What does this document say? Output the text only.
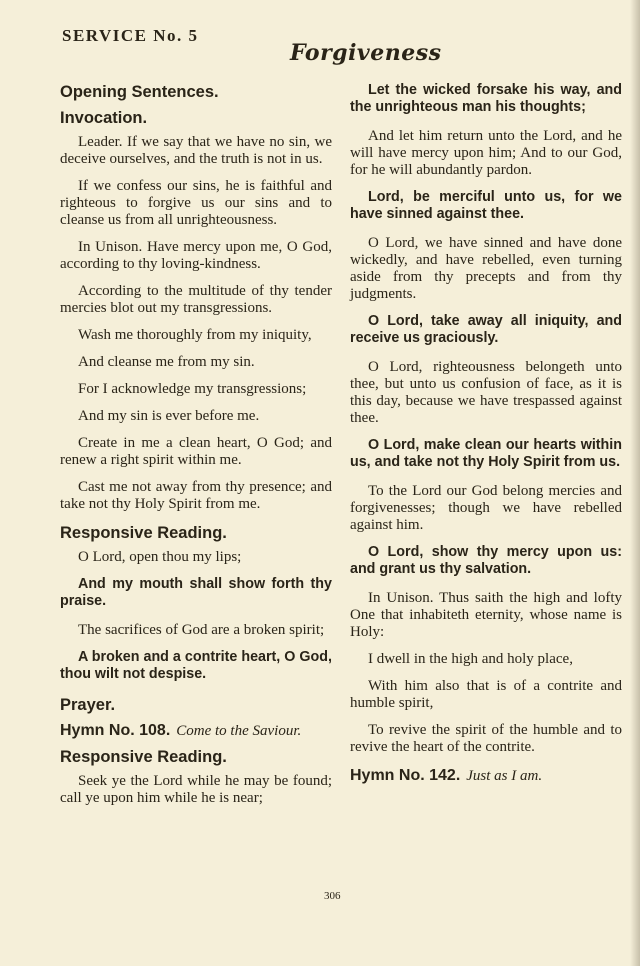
SERVICE No. 5
Forgiveness
Opening Sentences.
Invocation.

Leader. If we say that we have no sin, we deceive ourselves, and the truth is not in us.

If we confess our sins, he is faithful and righteous to forgive us our sins and to cleanse us from all unrighteousness.

In Unison. Have mercy upon me, O God, according to thy loving-kindness.

According to the multitude of thy tender mercies blot out my transgressions.

Wash me thoroughly from my iniquity,

And cleanse me from my sin.

For I acknowledge my transgressions;

And my sin is ever before me.

Create in me a clean heart, O God; and renew a right spirit within me.

Cast me not away from thy presence; and take not thy Holy Spirit from me.

Responsive Reading.

O Lord, open thou my lips;

And my mouth shall show forth thy praise.

The sacrifices of God are a broken spirit;

A broken and a contrite heart, O God, thou wilt not despise.

Prayer.
Hymn No. 108. Come to the Saviour.
Responsive Reading.

Seek ye the Lord while he may be found; call ye upon him while he is near;

Let the wicked forsake his way, and the unrighteous man his thoughts;

And let him return unto the Lord, and he will have mercy upon him; And to our God, for he will abundantly pardon.

Lord, be merciful unto us, for we have sinned against thee.

O Lord, we have sinned and have done wickedly, and have rebelled, even turning aside from thy precepts and from thy judgments.

O Lord, take away all iniquity, and receive us graciously.

O Lord, righteousness belongeth unto thee, but unto us confusion of face, as it is this day, because we have trespassed against thee.

O Lord, make clean our hearts within us, and take not thy Holy Spirit from us.

To the Lord our God belong mercies and forgivenesses; though we have rebelled against him.

O Lord, show thy mercy upon us: and grant us thy salvation.

In Unison. Thus saith the high and lofty One that inhabiteth eternity, whose name is Holy:

I dwell in the high and holy place,

With him also that is of a contrite and humble spirit,

To revive the spirit of the humble and to revive the heart of the contrite.

Hymn No. 142. Just as I am.
306
